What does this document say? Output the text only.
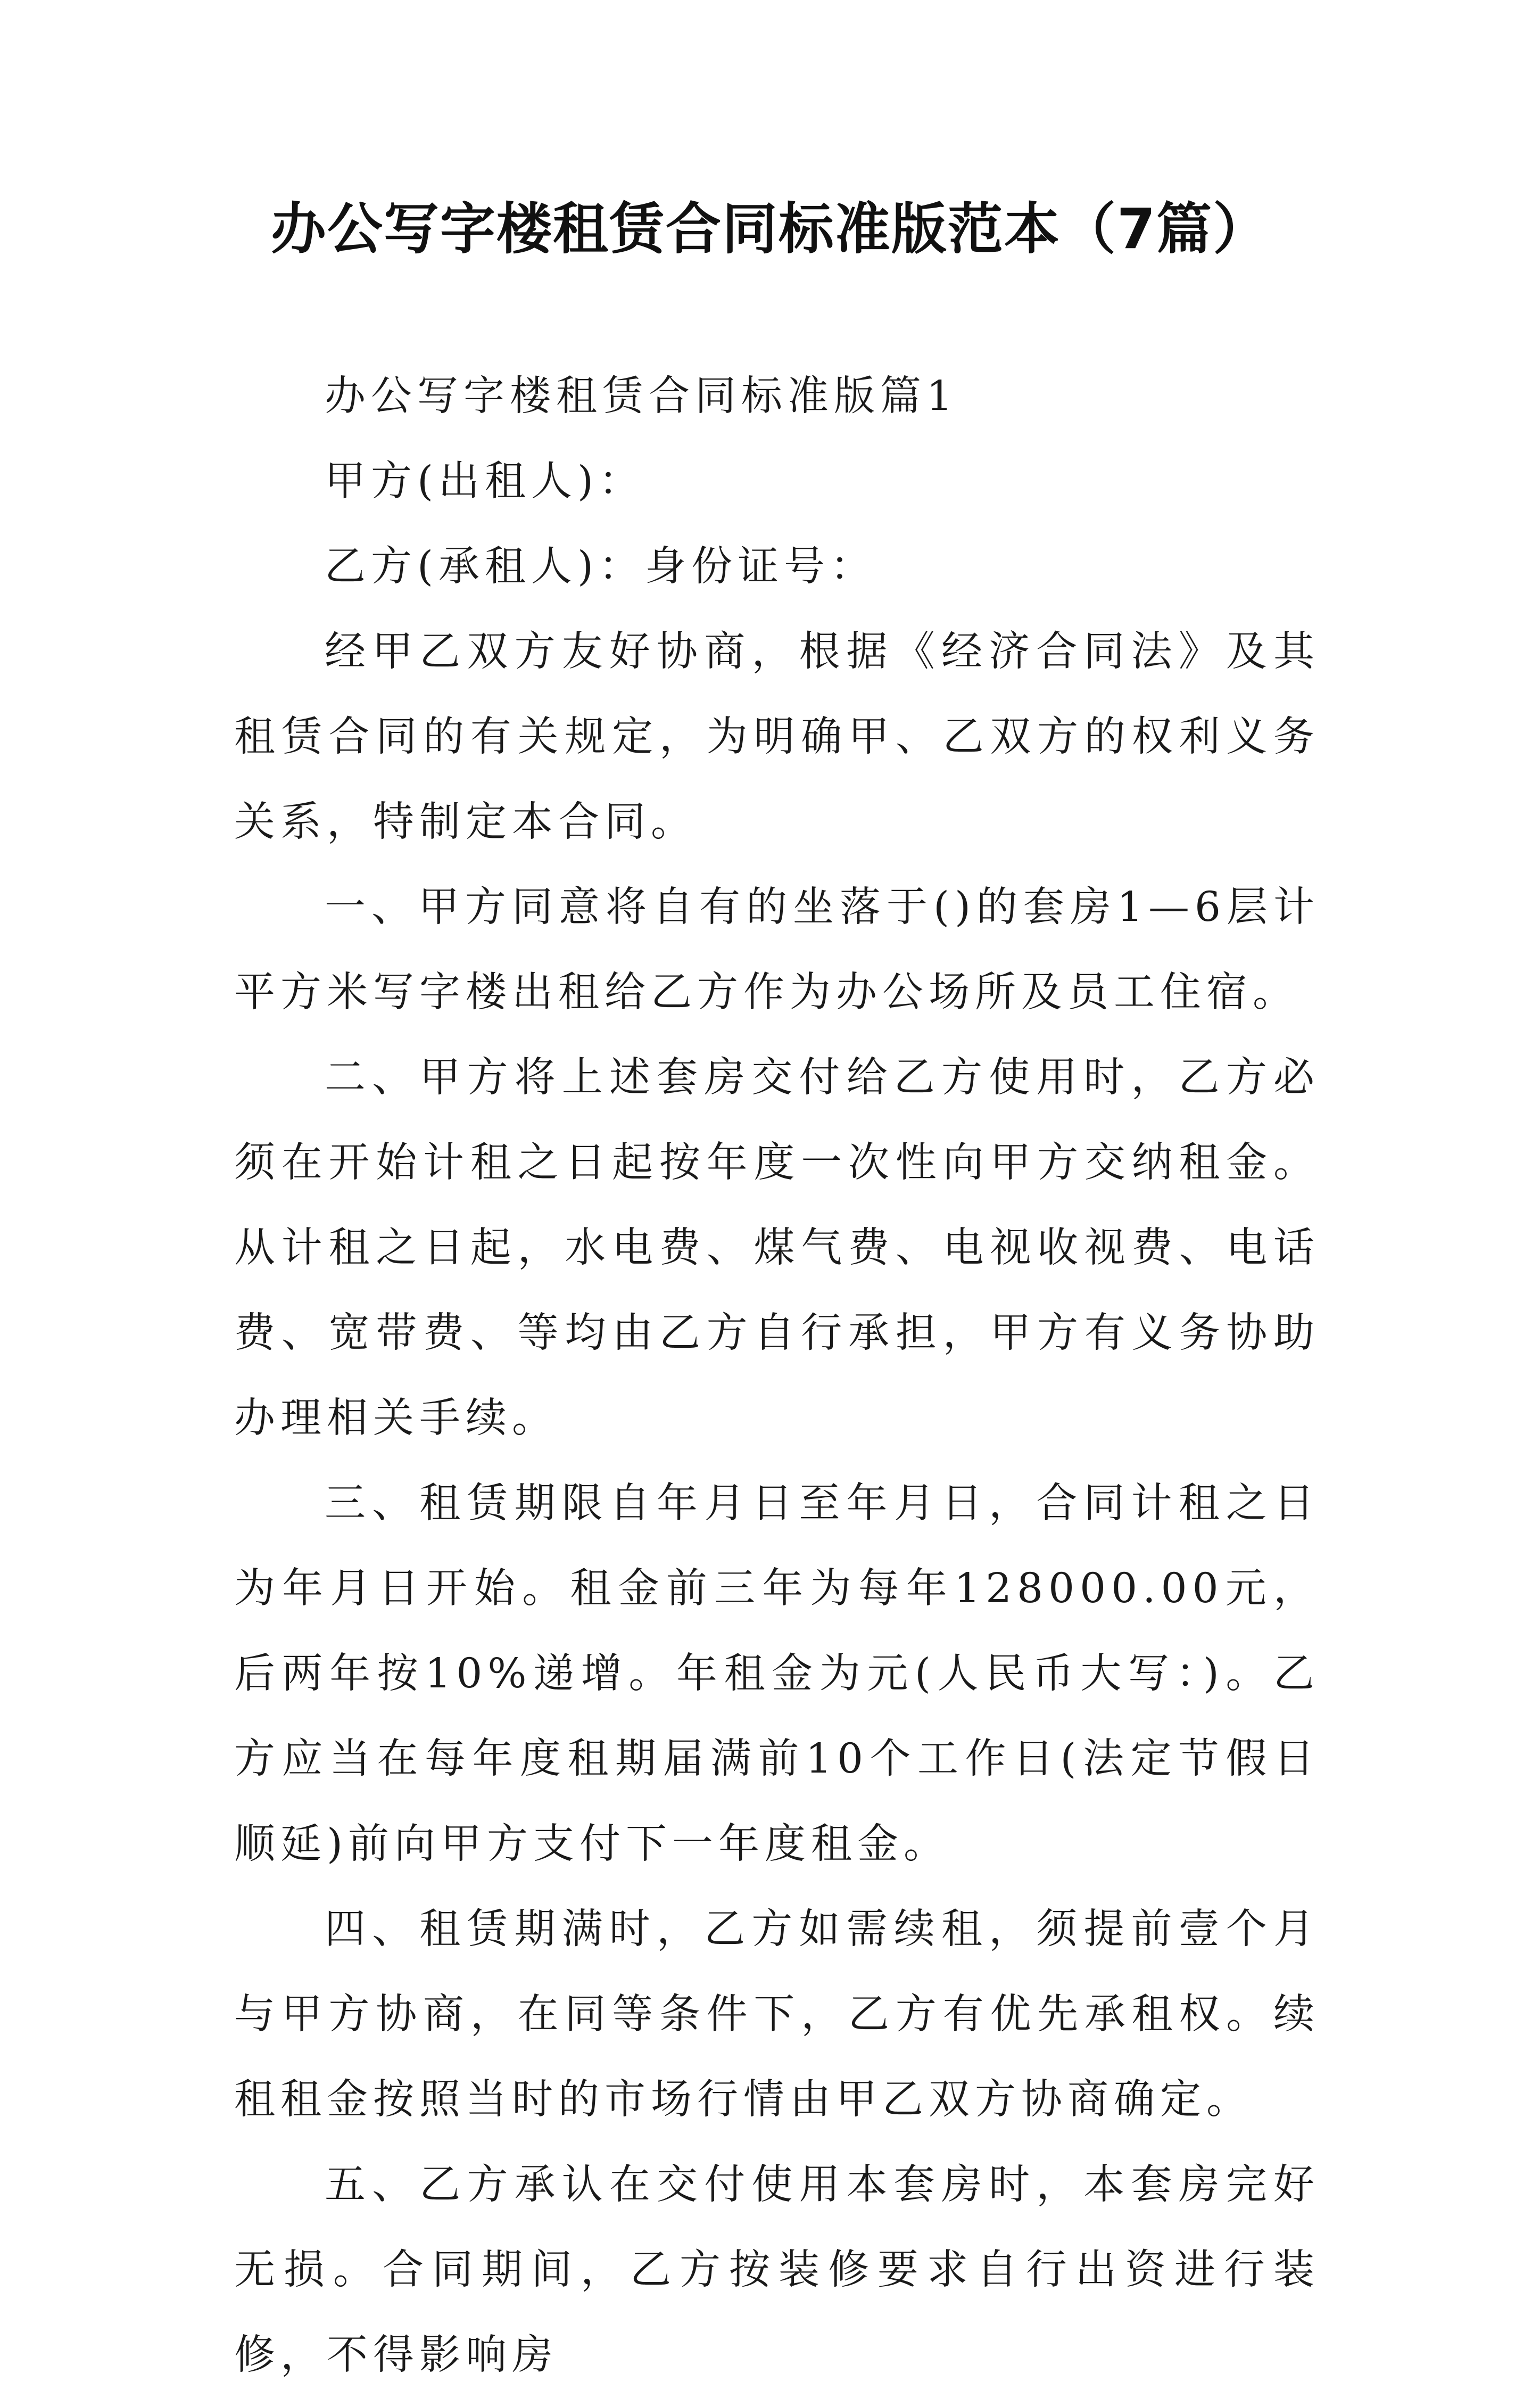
办公写字楼租赁合同标准版范本（7篇）

办公写字楼租赁合同标准版篇1

甲方(出租人)：

乙方(承租人)：身份证号：

经甲乙双方友好协商，根据《经济合同法》及其租赁合同的有关规定，为明确甲、乙双方的权利义务关系，特制定本合同。

一、甲方同意将自有的坐落于()的套房1—6层计平方米写字楼出租给乙方作为办公场所及员工住宿。

二、甲方将上述套房交付给乙方使用时，乙方必须在开始计租之日起按年度一次性向甲方交纳租金。从计租之日起，水电费、煤气费、电视收视费、电话费、宽带费、等均由乙方自行承担，甲方有义务协助办理相关手续。

三、租赁期限自年月日至年月日，合同计租之日为年月日开始。租金前三年为每年128000.00元，后两年按10%递增。年租金为元(人民币大写：)。乙方应当在每年度租期届满前10个工作日(法定节假日顺延)前向甲方支付下一年度租金。

四、租赁期满时，乙方如需续租，须提前壹个月与甲方协商，在同等条件下，乙方有优先承租权。续租租金按照当时的市场行情由甲乙双方协商确定。

五、乙方承认在交付使用本套房时，本套房完好无损。合同期间，乙方按装修要求自行出资进行装修，不得影响房
